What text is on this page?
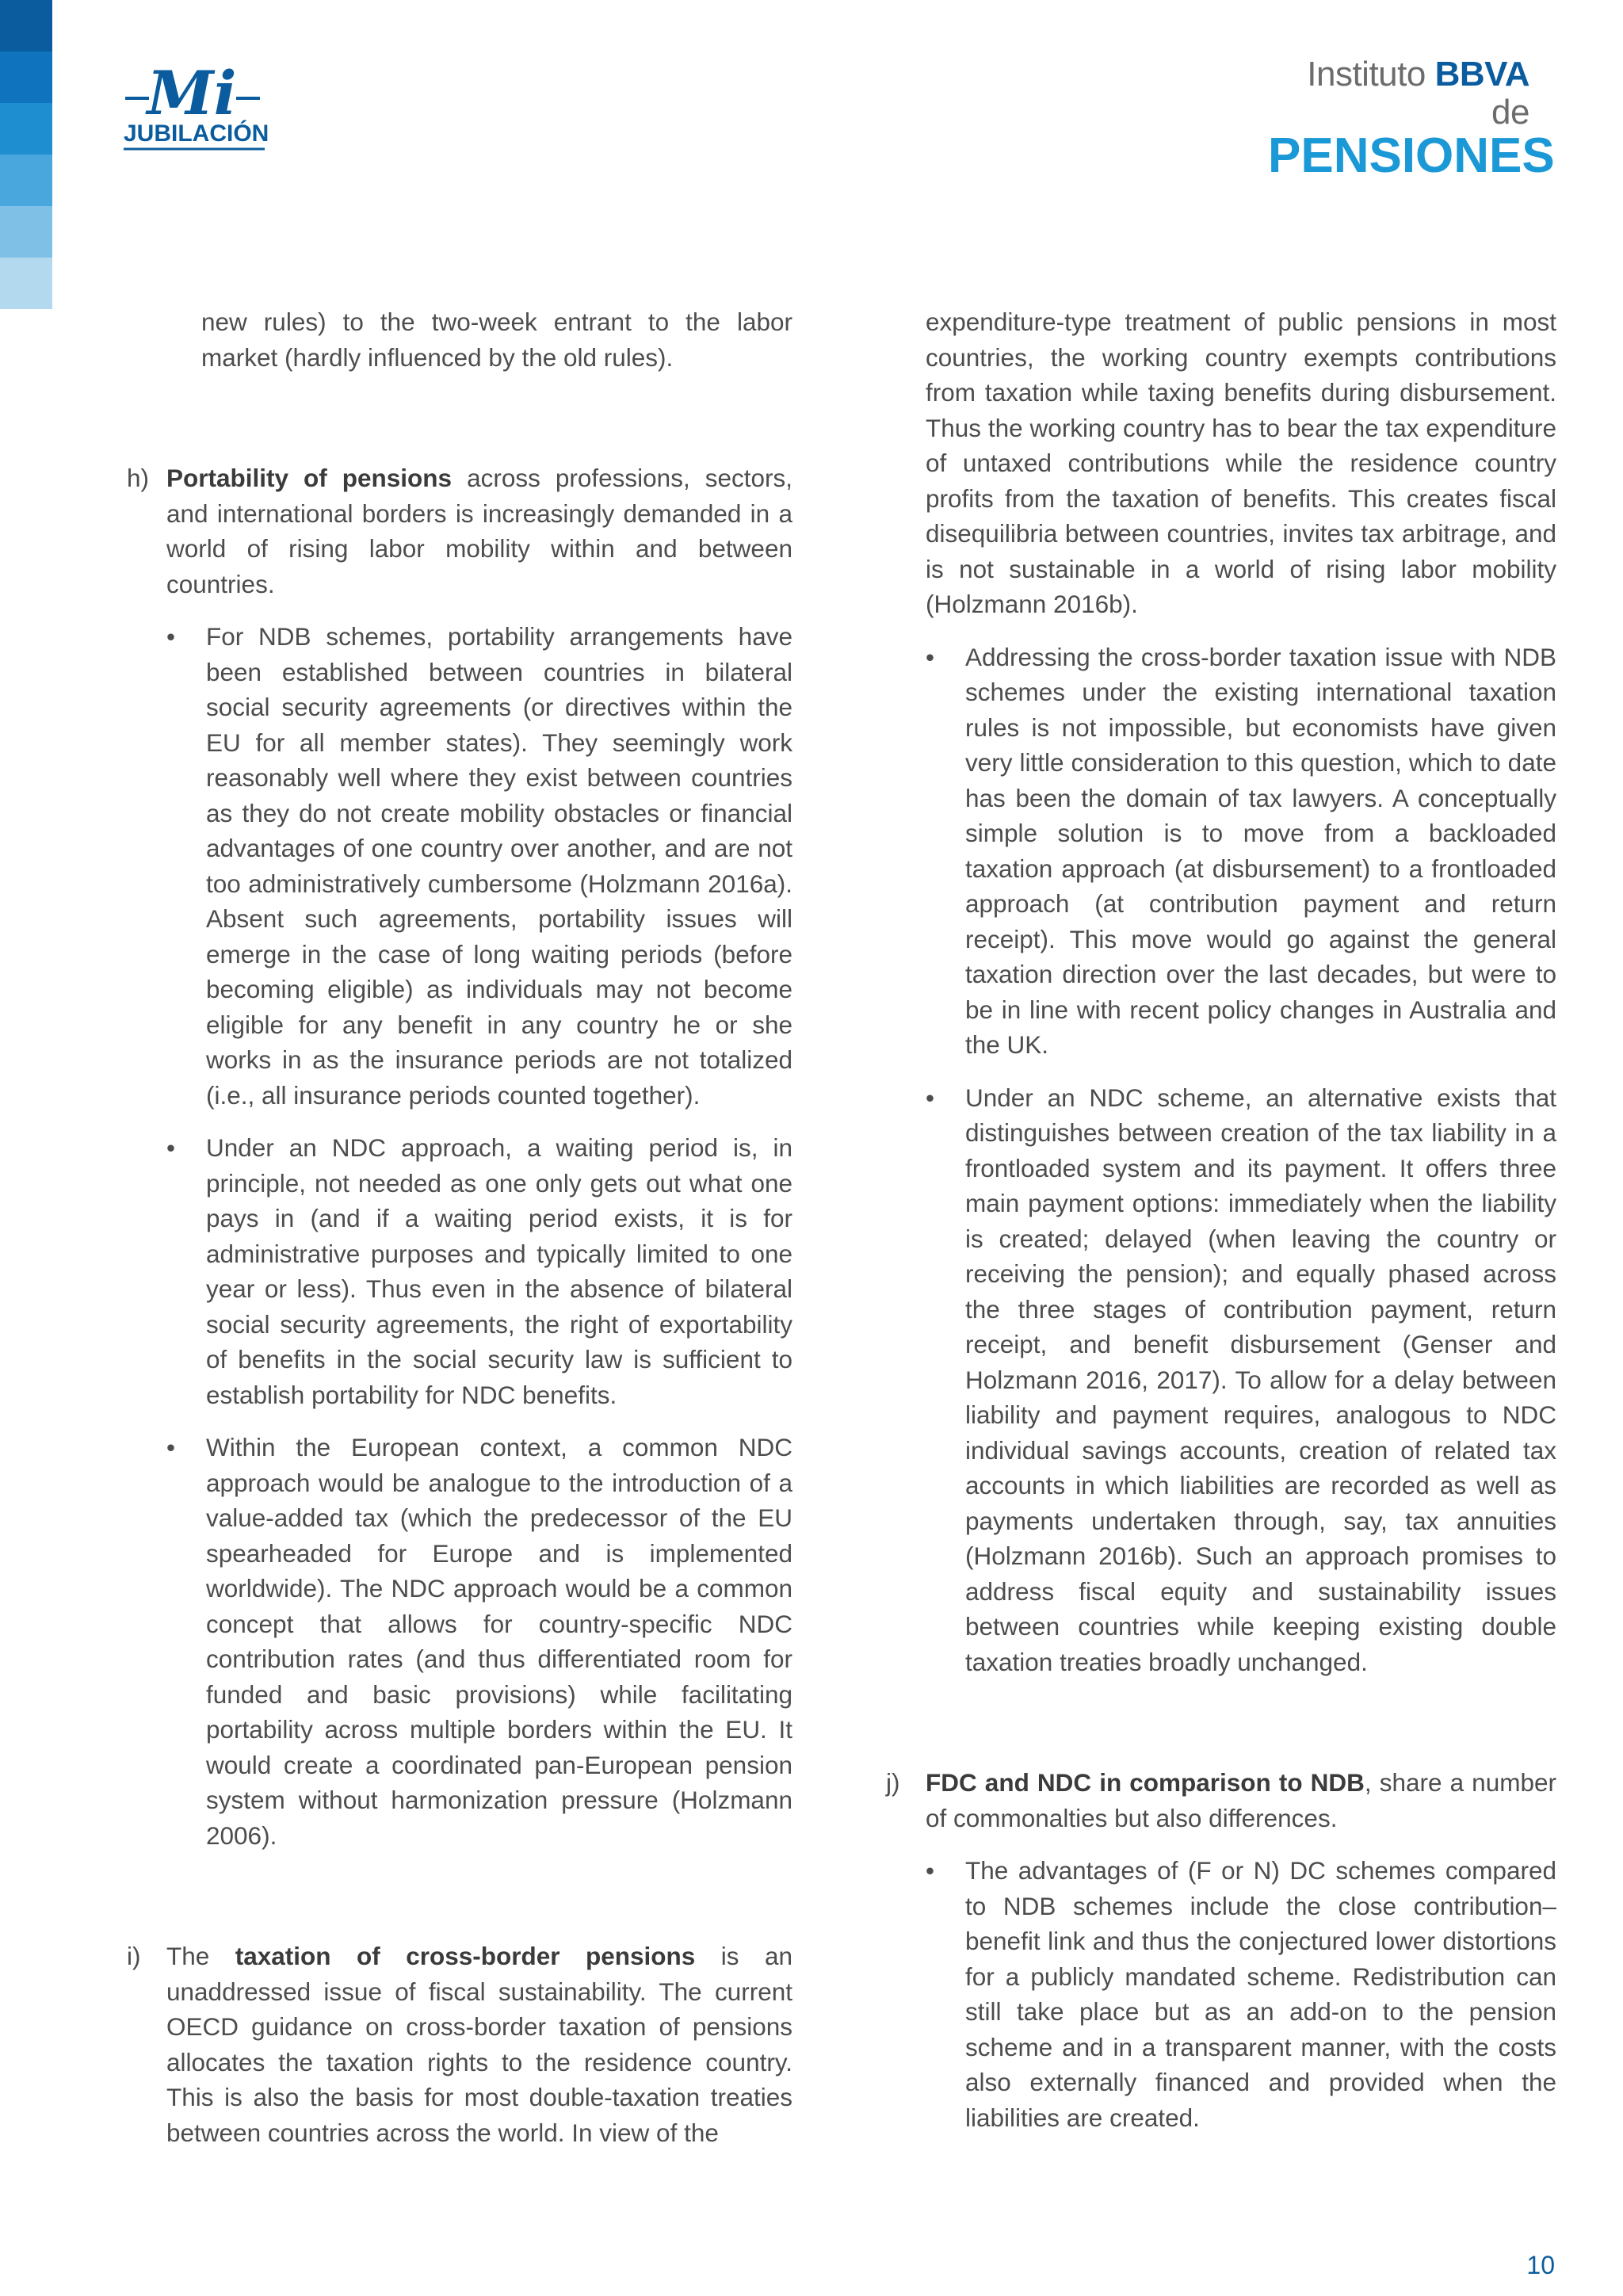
Mi
JUBILACIÓN
Instituto BBVA de
PENSIONES

new rules) to the two-week entrant to the labor market (hardly influenced by the old rules).

h) Portability of pensions across professions, sectors, and international borders is increasingly demanded in a world of rising labor mobility within and between countries.

• For NDB schemes, portability arrangements have been established between countries in bilateral social security agreements (or directives within the EU for all member states). They seemingly work reasonably well where they exist between countries as they do not create mobility obstacles or financial advantages of one country over another, and are not too administratively cumbersome (Holzmann 2016a). Absent such agreements, portability issues will emerge in the case of long waiting periods (before becoming eligible) as individuals may not become eligible for any benefit in any country he or she works in as the insurance periods are not totalized (i.e., all insurance periods counted together).

• Under an NDC approach, a waiting period is, in principle, not needed as one only gets out what one pays in (and if a waiting period exists, it is for administrative purposes and typically limited to one year or less). Thus even in the absence of bilateral social security agreements, the right of exportability of benefits in the social security law is sufficient to establish portability for NDC benefits.

• Within the European context, a common NDC approach would be analogue to the introduction of a value-added tax (which the predecessor of the EU spearheaded for Europe and is implemented worldwide). The NDC approach would be a common concept that allows for country-specific NDC contribution rates (and thus differentiated room for funded and basic provisions) while facilitating portability across multiple borders within the EU. It would create a coordinated pan-European pension system without harmonization pressure (Holzmann 2006).

i) The taxation of cross-border pensions is an unaddressed issue of fiscal sustainability. The current OECD guidance on cross-border taxation of pensions allocates the taxation rights to the residence country. This is also the basis for most double-taxation treaties between countries across the world. In view of the

expenditure-type treatment of public pensions in most countries, the working country exempts contributions from taxation while taxing benefits during disbursement. Thus the working country has to bear the tax expenditure of untaxed contributions while the residence country profits from the taxation of benefits. This creates fiscal disequilibria between countries, invites tax arbitrage, and is not sustainable in a world of rising labor mobility (Holzmann 2016b).

• Addressing the cross-border taxation issue with NDB schemes under the existing international taxation rules is not impossible, but economists have given very little consideration to this question, which to date has been the domain of tax lawyers. A conceptually simple solution is to move from a backloaded taxation approach (at disbursement) to a frontloaded approach (at contribution payment and return receipt). This move would go against the general taxation direction over the last decades, but were to be in line with recent policy changes in Australia and the UK.

• Under an NDC scheme, an alternative exists that distinguishes between creation of the tax liability in a frontloaded system and its payment. It offers three main payment options: immediately when the liability is created; delayed (when leaving the country or receiving the pension); and equally phased across the three stages of contribution payment, return receipt, and benefit disbursement (Genser and Holzmann 2016, 2017). To allow for a delay between liability and payment requires, analogous to NDC individual savings accounts, creation of related tax accounts in which liabilities are recorded as well as payments undertaken through, say, tax annuities (Holzmann 2016b). Such an approach promises to address fiscal equity and sustainability issues between countries while keeping existing double taxation treaties broadly unchanged.

j) FDC and NDC in comparison to NDB, share a number of commonalties but also differences.

• The advantages of (F or N) DC schemes compared to NDB schemes include the close contribution–benefit link and thus the conjectured lower distortions for a publicly mandated scheme. Redistribution can still take place but as an add-on to the pension scheme and in a transparent manner, with the costs also externally financed and provided when the liabilities are created.

10
